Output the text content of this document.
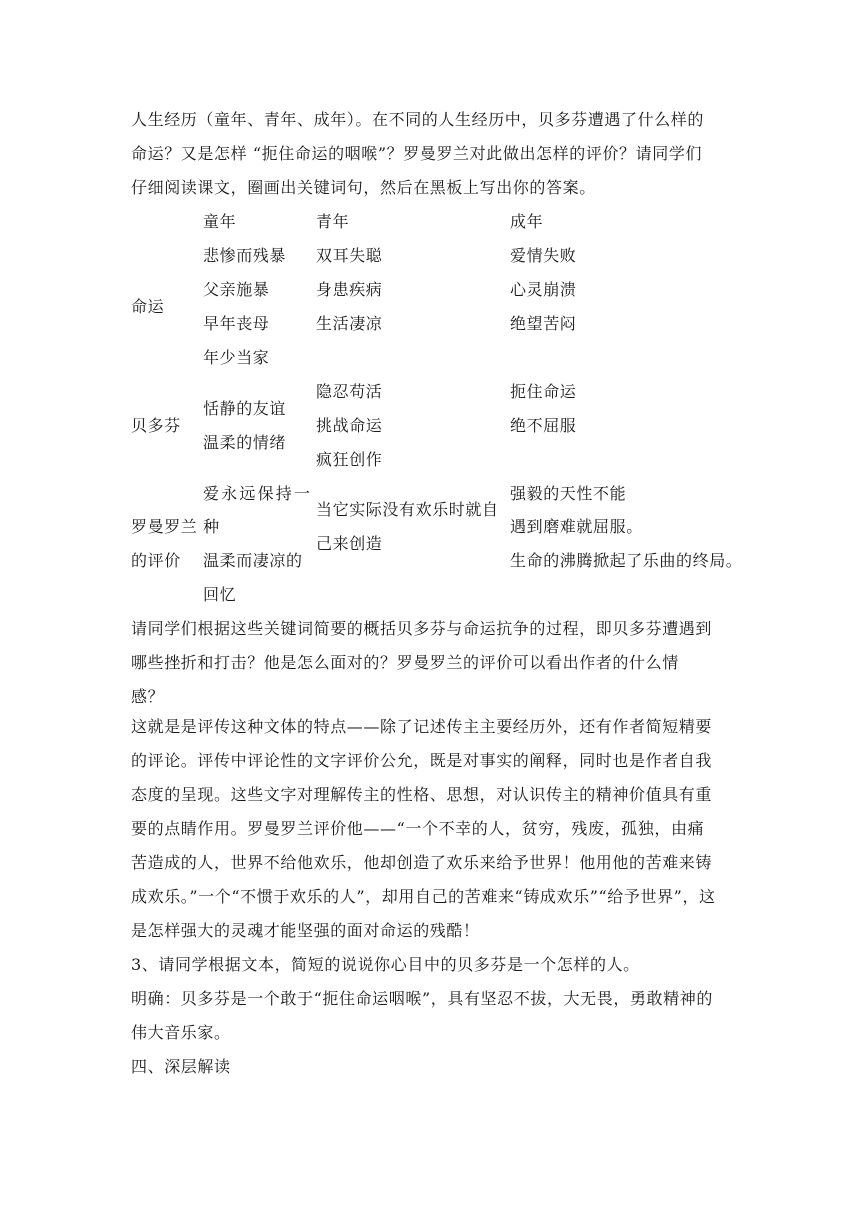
人生经历（童年、青年、成年）。在不同的人生经历中，贝多芬遭遇了什么样的
命运？又是怎样 “扼住命运的咽喉”？罗曼罗兰对此做出怎样的评价？请同学们
仔细阅读课文，圈画出关键词句，然后在黑板上写出你的答案。
童年	青年	成年
命运
悲惨而残暴
父亲施暴
早年丧母
年少当家
双耳失聪
身患疾病
生活凄凉
爱情失败
心灵崩溃
绝望苦闷
贝多芬
恬静的友谊
温柔的情绪
隐忍苟活
挑战命运
疯狂创作
扼住命运
绝不屈服
罗曼罗兰
的评价
爱永远保持一
种
温柔而凄凉的
回忆
当它实际没有欢乐时就自
己来创造
强毅的天性不能
遇到磨难就屈服。
生命的沸腾掀起了乐曲的终局。
请同学们根据这些关键词简要的概括贝多芬与命运抗争的过程，即贝多芬遭遇到
哪些挫折和打击？他是怎么面对的？罗曼罗兰的评价可以看出作者的什么情
感？
这就是是评传这种文体的特点——除了记述传主主要经历外，还有作者简短精要
的评论。评传中评论性的文字评价公允，既是对事实的阐释，同时也是作者自我
态度的呈现。这些文字对理解传主的性格、思想，对认识传主的精神价值具有重
要的点睛作用。罗曼罗兰评价他——“一个不幸的人，贫穷，残废，孤独，由痛
苦造成的人，世界不给他欢乐，他却创造了欢乐来给予世界！他用他的苦难来铸
成欢乐。”一个“不惯于欢乐的人”，却用自己的苦难来“铸成欢乐”“给予世界”，这
是怎样强大的灵魂才能坚强的面对命运的残酷！
3、请同学根据文本，简短的说说你心目中的贝多芬是一个怎样的人。
明确：贝多芬是一个敢于“扼住命运咽喉”，具有坚忍不拔，大无畏，勇敢精神的
伟大音乐家。
四、深层解读
